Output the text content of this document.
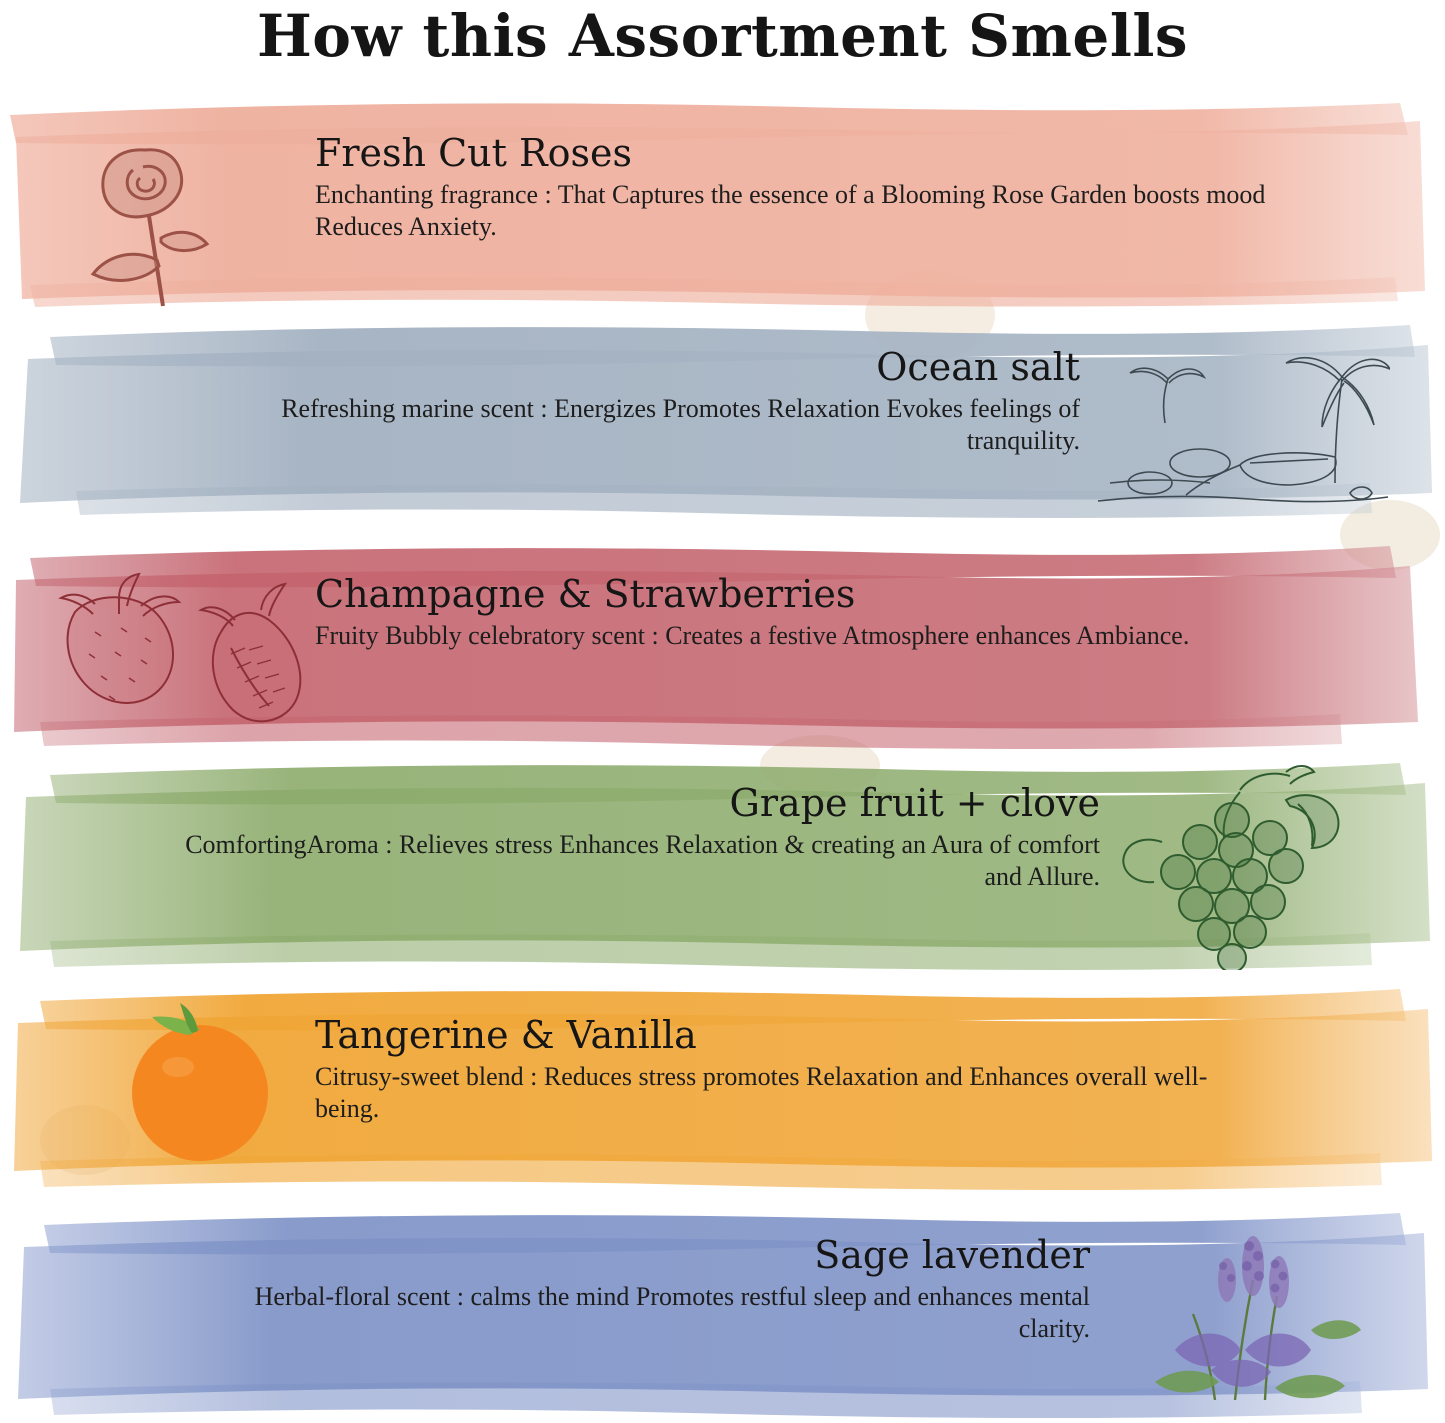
How this Assortment Smells
Fresh Cut Roses
Enchanting fragrance : That Captures the essence of a Blooming Rose Garden boosts mood Reduces Anxiety.
Ocean salt
Refreshing marine scent : Energizes Promotes Relaxation Evokes feelings of tranquility.
Champagne & Strawberries
Fruity Bubbly celebratory scent : Creates a festive Atmosphere enhances Ambiance.
Grape fruit + clove
ComfortingAroma : Relieves stress Enhances Relaxation & creating an Aura of comfort and Allure.
Tangerine & Vanilla
Citrusy-sweet blend : Reduces stress promotes Relaxation and Enhances overall well-being.
Sage lavender
Herbal-floral scent : calms the mind Promotes restful sleep and enhances mental clarity.
